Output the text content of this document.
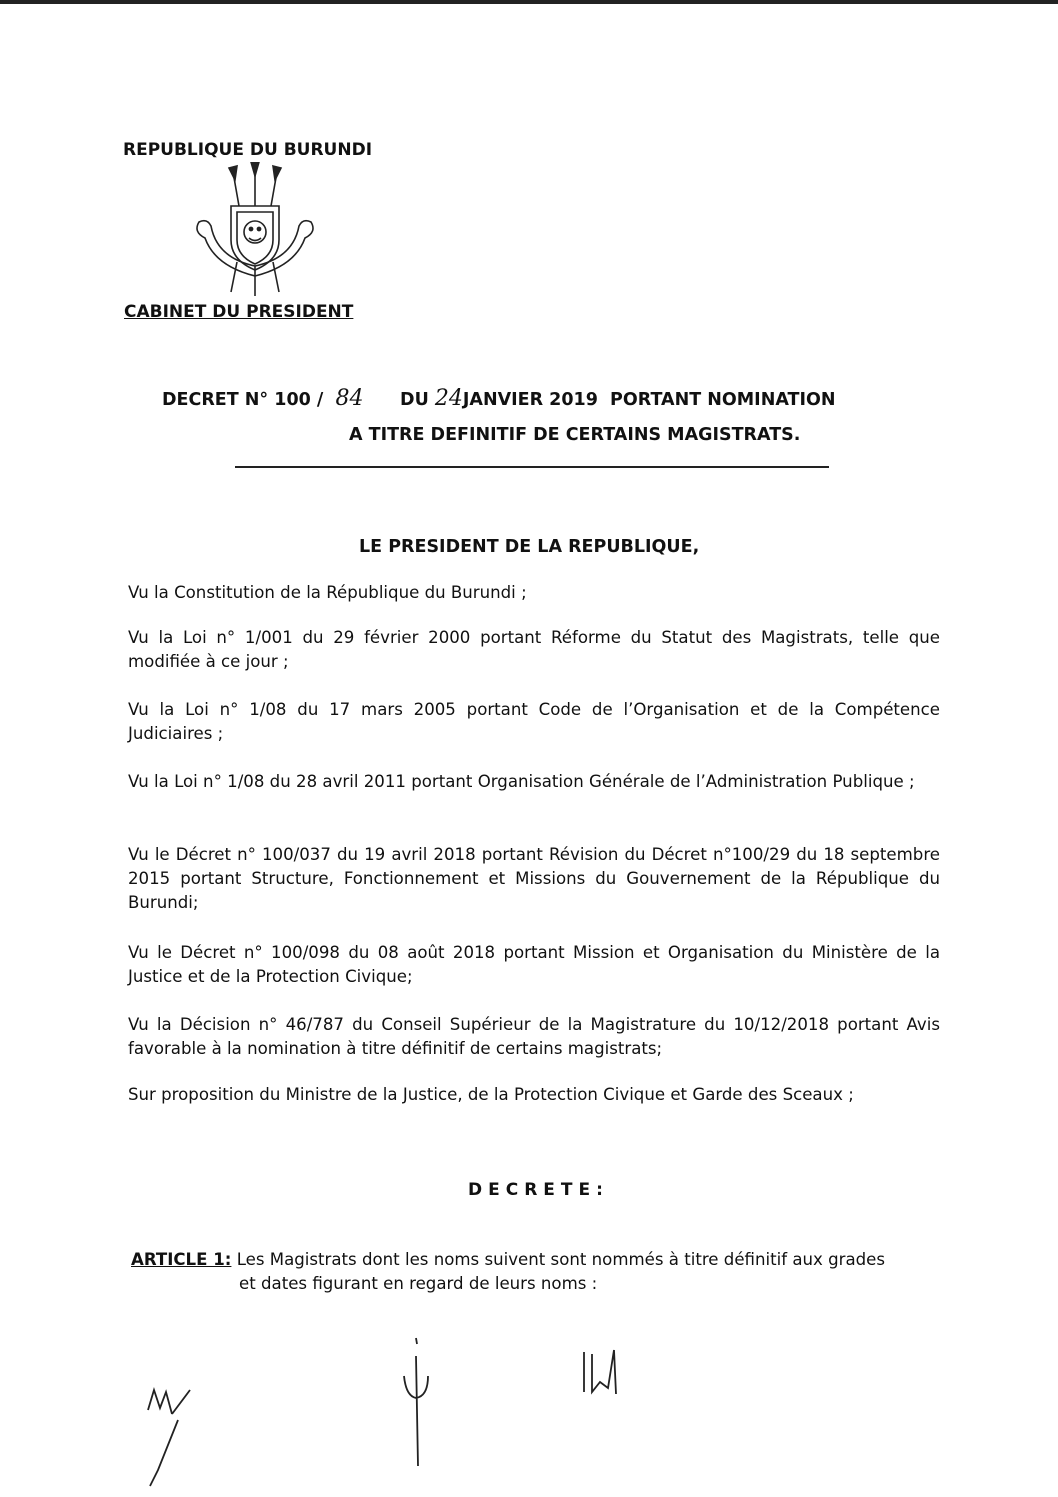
REPUBLIQUE DU BURUNDI
CABINET DU PRESIDENT
DECRET N° 100 / 84 DU 24JANVIER 2019  PORTANT NOMINATION
A TITRE DEFINITIF DE CERTAINS MAGISTRATS.
LE PRESIDENT DE LA REPUBLIQUE,
Vu la Constitution de la République du Burundi ;
Vu la Loi n° 1/001 du 29 février 2000 portant Réforme du Statut des Magistrats, telle que modifiée à ce jour ;
Vu la Loi n° 1/08 du 17 mars 2005 portant Code de l’Organisation et de la Compétence Judiciaires ;
Vu la Loi n° 1/08 du 28 avril 2011 portant Organisation Générale de l’Administration Publique ;
Vu le Décret n° 100/037 du 19 avril 2018 portant Révision du Décret n°100/29 du 18 septembre 2015 portant Structure, Fonctionnement et Missions du Gouvernement de la République du Burundi;
Vu le Décret n° 100/098 du 08 août 2018 portant Mission et Organisation du Ministère de la Justice et de la Protection Civique;
Vu la Décision n° 46/787 du Conseil Supérieur de la Magistrature du 10/12/2018 portant Avis favorable à la nomination à titre définitif de certains magistrats;
Sur proposition du Ministre de la Justice, de la Protection Civique et Garde des Sceaux ;
DECRETE:
ARTICLE 1: Les Magistrats dont les noms suivent sont nommés à titre définitif aux grades
et dates figurant en regard de leurs noms :
